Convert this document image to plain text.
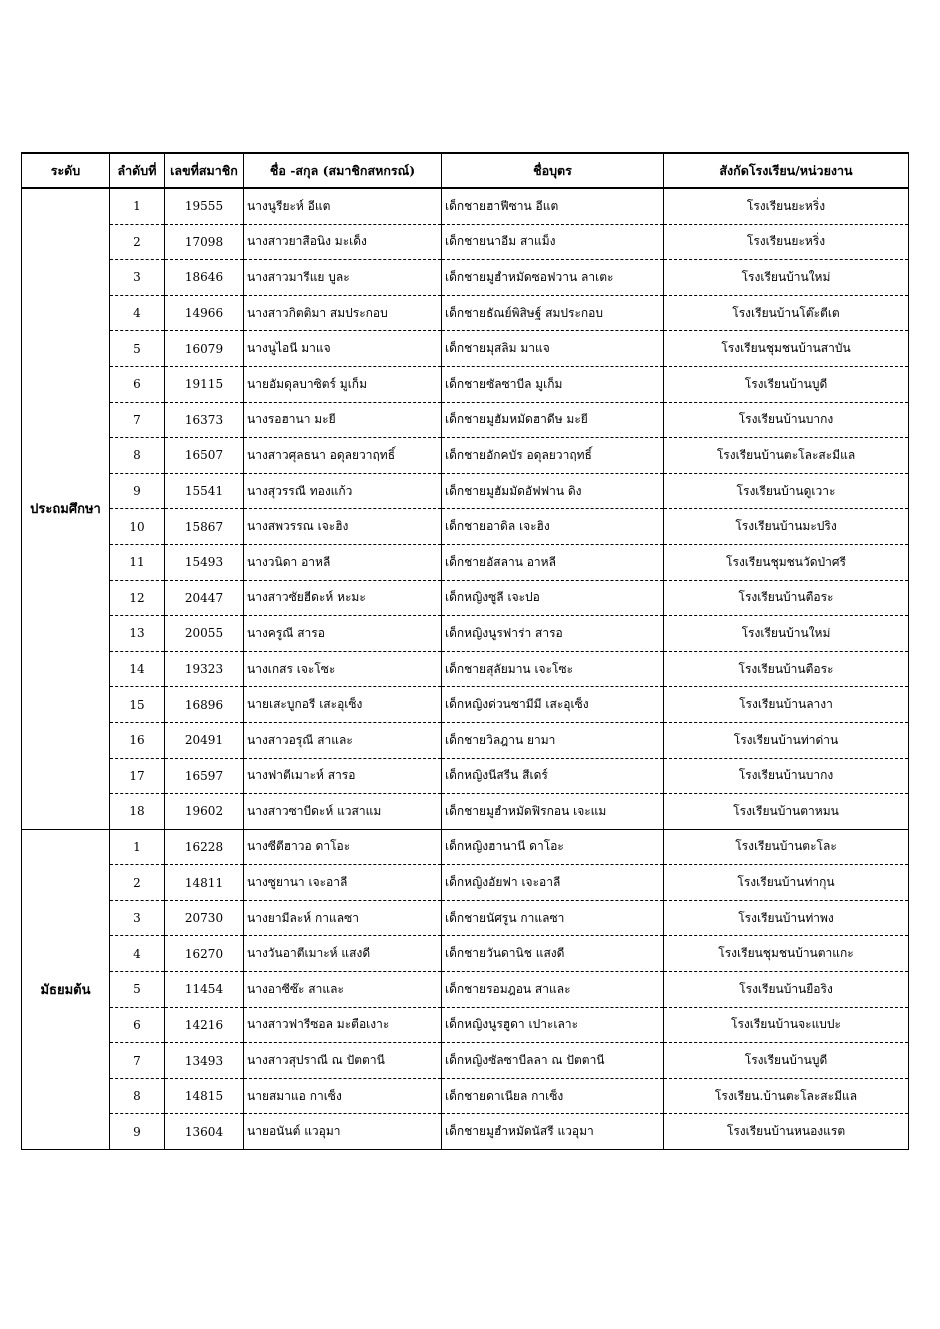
ระดับ	ลำดับที่	เลขที่สมาชิก	ชื่อ -สกุล (สมาชิกสหกรณ์)	ชื่อบุตร	สังกัดโรงเรียน/หน่วยงาน
ประถมศึกษา	1	19555	นางนูรียะห์ อีแต	เด็กชายฮาฟีซาน อีแต	โรงเรียนยะหริ่ง
	2	17098	นางสาวยาสือนิง มะเด็ง	เด็กชายนาอีม สาแม็ง	โรงเรียนยะหริ่ง
	3	18646	นางสาวมารีแย บูละ	เด็กชายมูฮำหมัดซอฟวาน ลาเตะ	โรงเรียนบ้านใหม่
	4	14966	นางสาวกิตติมา สมประกอบ	เด็กชายธัณย์พิสิษฐ์ สมประกอบ	โรงเรียนบ้านโต๊ะตีเต
	5	16079	นางนูไอนี มาแจ	เด็กชายมุสลิม มาแจ	โรงเรียนชุมชนบ้านสาบัน
	6	19115	นายอัมดุลบาซิตร์ มูเก็ม	เด็กชายซัลซาบีล มูเก็ม	โรงเรียนบ้านบูดี
	7	16373	นางรอฮานา มะยี	เด็กชายมูฮัมหมัดฮาดีษ มะยี	โรงเรียนบ้านบากง
	8	16507	นางสาวศุลธนา อดุลยวาฤทธิ์	เด็กชายอักคบัร อดุลยวาฤทธิ์	โรงเรียนบ้านตะโละสะมีแล
	9	15541	นางสุวรรณี ทองแก้ว	เด็กชายมูฮัมมัดอัฟฟาน ดิง	โรงเรียนบ้านดูเวาะ
	10	15867	นางสพวรรณ เจะฮิง	เด็กชายอาดิล เจะฮิง	โรงเรียนบ้านมะปริง
	11	15493	นางวนิดา อาหลี	เด็กชายอัสลาน อาหลี	โรงเรียนชุมชนวัดป่าศรี
	12	20447	นางสาวซัยฮีดะห์ หะมะ	เด็กหญิงซูลี เจะปอ	โรงเรียนบ้านตือระ
	13	20055	นางครูณี สารอ	เด็กหญิงนูรฟาร่า สารอ	โรงเรียนบ้านใหม่
	14	19323	นางเกสร เจะโซะ	เด็กชายสุลัยมาน เจะโซะ	โรงเรียนบ้านตือระ
	15	16896	นายเสะบูกอรี เสะอุเซ็ง	เด็กหญิงด่วนซามีมี เสะอุเซ็ง	โรงเรียนบ้านลางา
	16	20491	นางสาวอรุณี สาและ	เด็กชายวิลฎาน ยามา	โรงเรียนบ้านท่าด่าน
	17	16597	นางฟาตีเมาะห์ สารอ	เด็กหญิงนีสรีน สีเดร์	โรงเรียนบ้านบากง
	18	19602	นางสาวซาบีดะห์ แวสาแม	เด็กชายมูฮำหมัดฟิรกอน เจะแม	โรงเรียนบ้านตาหมน
มัธยมต้น	1	16228	นางซีตีฮาวอ ดาโอะ	เด็กหญิงฮานานี ดาโอะ	โรงเรียนบ้านตะโละ
	2	14811	นางซูยานา เจะอาลี	เด็กหญิงอัยฟา เจะอาลี	โรงเรียนบ้านท่ากุน
	3	20730	นางยามีละห์ กาแลซา	เด็กชายนัศรูน กาแลซา	โรงเรียนบ้านท่าพง
	4	16270	นางวันอาตีเมาะห์ แสงดี	เด็กชายวันดานิช แสงดี	โรงเรียนชุมชนบ้านตาแกะ
	5	11454	นางอาซีซ๊ะ สาและ	เด็กชายรอมฎอน สาและ	โรงเรียนบ้านยือริง
	6	14216	นางสาวฟารีซอล มะตือเงาะ	เด็กหญิงนูรฮูดา เปาะเลาะ	โรงเรียนบ้านจะแบปะ
	7	13493	นางสาวสุปราณี ณ ปัตตานี	เด็กหญิงซัลซาบีลลา ณ ปัตตานี	โรงเรียนบ้านบูดี
	8	14815	นายสมาแอ กาเซ็ง	เด็กชายดาเนียล กาเซ็ง	โรงเรียน.บ้านตะโละสะมีแล
	9	13604	นายอนันต์ แวอุมา	เด็กชายมูฮำหมัดนัสรี แวอุมา	โรงเรียนบ้านหนองแรต
